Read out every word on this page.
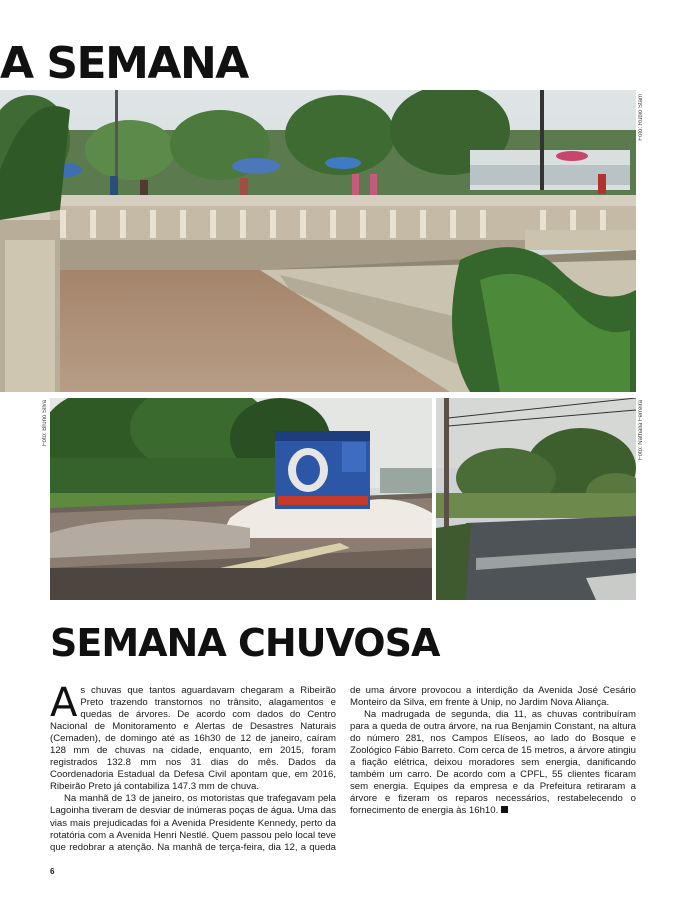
A SEMANA
Foto: Rubio Stam
Foto: Bruno Silva	Foto: Nathalia Ferreira
SEMANA CHUVOSA

As chuvas que tantos aguardavam chegaram a Ribeirão Preto trazendo transtornos no trânsito, alagamentos e quedas de árvores. De acordo com dados do Centro Nacional de Monitoramento e Alertas de Desastres Naturais (Cemaden), de domingo até as 16h30 de 12 de janeiro, caíram 128 mm de chuvas na cidade, enquanto, em 2015, foram registrados 132.8 mm nos 31 dias do mês. Dados da Coordenadoria Estadual da Defesa Civil apontam que, em 2016, Ribeirão Preto já contabiliza 147.3 mm de chuva.

Na manhã de 13 de janeiro, os motoristas que trafegavam pela Lagoinha tiveram de desviar de inúmeras poças de água. Uma das vias mais prejudicadas foi a Avenida Presidente Kennedy, perto da rotatória com a Avenida Henri Nestlé. Quem passou pelo local teve que redobrar a atenção. Na manhã de terça-feira, dia 12, a queda de uma árvore provocou a interdição da Avenida José Cesário Monteiro da Silva, em frente à Unip, no Jardim Nova Aliança.

Na madrugada de segunda, dia 11, as chuvas contribuíram para a queda de outra árvore, na rua Benjamin Constant, na altura do número 281, nos Campos Elíseos, ao lado do Bosque e Zoológico Fábio Barreto. Com cerca de 15 metros, a árvore atingiu a fiação elétrica, deixou moradores sem energia, danificando também um carro. De acordo com a CPFL, 55 clientes ficaram sem energia. Equipes da empresa e da Prefeitura retiraram a árvore e fizeram os reparos necessários, restabelecendo o fornecimento de energia às 16h10.

6
